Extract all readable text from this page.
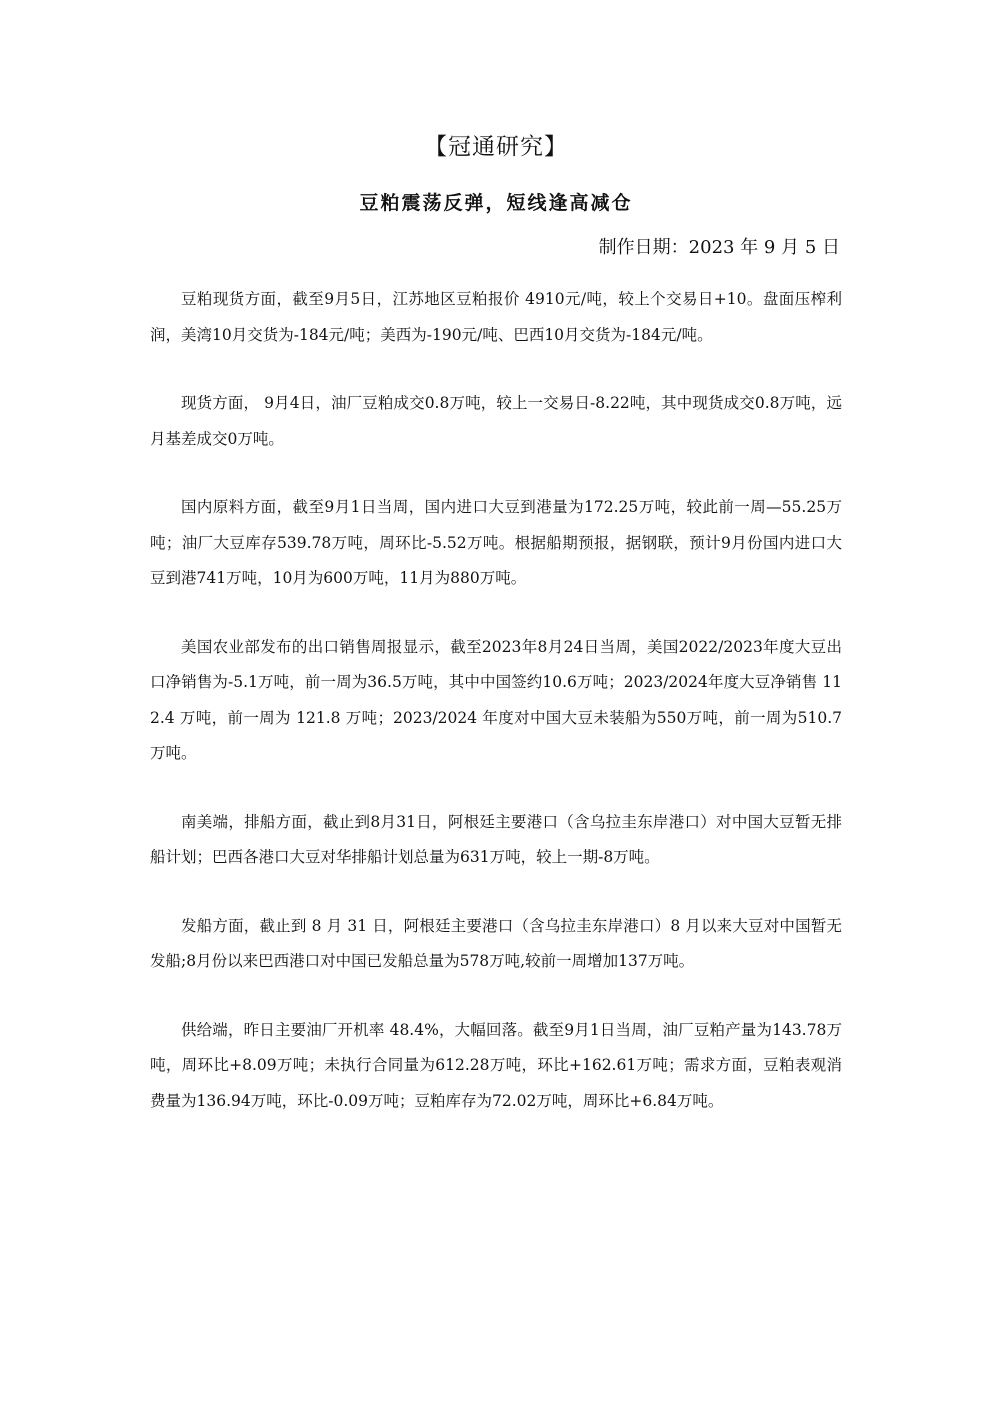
【冠通研究】
豆粕震荡反弹，短线逢高减仓
制作日期：2023 年 9 月 5 日

豆粕现货方面，截至9月5日，江苏地区豆粕报价 4910元/吨，较上个交易日+10。盘面压榨利润，美湾10月交货为-184元/吨；美西为-190元/吨、巴西10月交货为-184元/吨。

现货方面， 9月4日，油厂豆粕成交0.8万吨，较上一交易日-8.22吨，其中现货成交0.8万吨，远月基差成交0万吨。

国内原料方面，截至9月1日当周，国内进口大豆到港量为172.25万吨，较此前一周—55.25万吨；油厂大豆库存539.78万吨，周环比-5.52万吨。根据船期预报，据钢联，预计9月份国内进口大豆到港741万吨，10月为600万吨，11月为880万吨。

美国农业部发布的出口销售周报显示，截至2023年8月24日当周，美国2022/2023年度大豆出口净销售为-5.1万吨，前一周为36.5万吨，其中中国签约10.6万吨；2023/2024年度大豆净销售 112.4 万吨，前一周为 121.8 万吨；2023/2024 年度对中国大豆未装船为550万吨，前一周为510.7万吨。

南美端，排船方面，截止到8月31日，阿根廷主要港口（含乌拉圭东岸港口）对中国大豆暂无排船计划；巴西各港口大豆对华排船计划总量为631万吨，较上一期-8万吨。

发船方面，截止到 8 月 31 日，阿根廷主要港口（含乌拉圭东岸港口）8 月以来大豆对中国暂无发船;8月份以来巴西港口对中国已发船总量为578万吨,较前一周增加137万吨。

供给端，昨日主要油厂开机率 48.4%，大幅回落。截至9月1日当周，油厂豆粕产量为143.78万吨，周环比+8.09万吨；未执行合同量为612.28万吨，环比+162.61万吨；需求方面，豆粕表观消费量为136.94万吨，环比-0.09万吨；豆粕库存为72.02万吨，周环比+6.84万吨。
